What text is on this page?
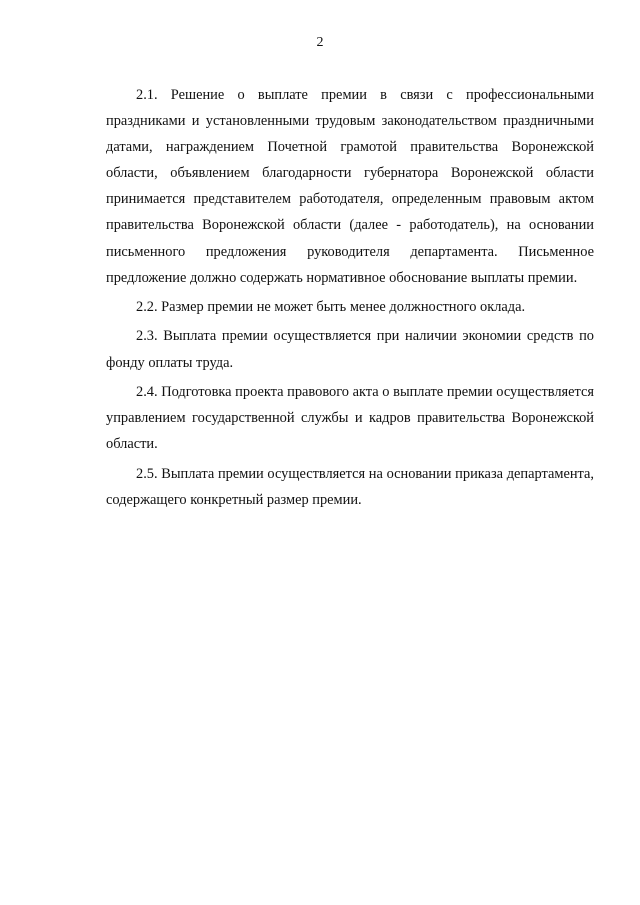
2

2.1. Решение о выплате премии в связи с профессиональными праздниками и установленными трудовым законодательством праздничными датами, награждением Почетной грамотой правительства Воронежской области, объявлением благодарности губернатора Воронежской области принимается представителем работодателя, определенным правовым актом правительства Воронежской области (далее - работодатель), на основании письменного предложения руководителя департамента. Письменное предложение должно содержать нормативное обоснование выплаты премии.

2.2. Размер премии не может быть менее должностного оклада.

2.3. Выплата премии осуществляется при наличии экономии средств по фонду оплаты труда.

2.4. Подготовка проекта правового акта о выплате премии осуществляется управлением государственной службы и кадров правительства Воронежской области.

2.5. Выплата премии осуществляется на основании приказа департамента, содержащего конкретный размер премии.
